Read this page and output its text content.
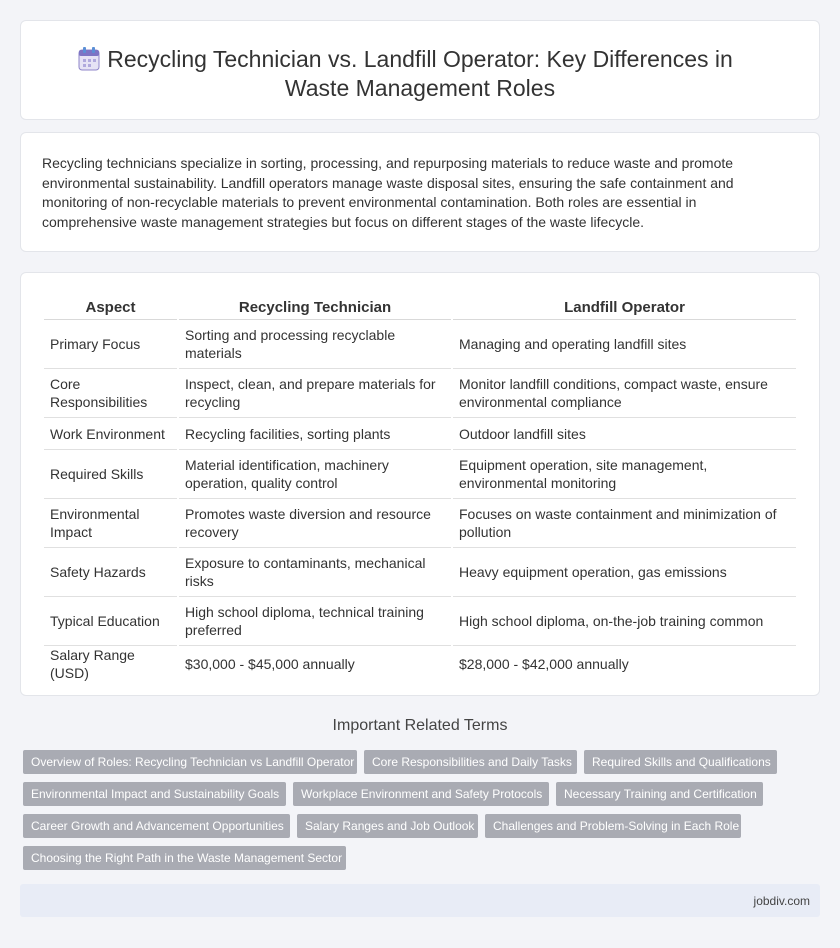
Recycling Technician vs. Landfill Operator: Key Differences in
Waste Management Roles

Recycling technicians specialize in sorting, processing, and repurposing materials to reduce waste and promote environmental sustainability. Landfill operators manage waste disposal sites, ensuring the safe containment and monitoring of non-recyclable materials to prevent environmental contamination. Both roles are essential in comprehensive waste management strategies but focus on different stages of the waste lifecycle.

Aspect	Recycling Technician	Landfill Operator
Primary Focus	Sorting and processing recyclable materials	Managing and operating landfill sites
Core Responsibilities	Inspect, clean, and prepare materials for recycling	Monitor landfill conditions, compact waste, ensure environmental compliance
Work Environment	Recycling facilities, sorting plants	Outdoor landfill sites
Required Skills	Material identification, machinery operation, quality control	Equipment operation, site management, environmental monitoring
Environmental Impact	Promotes waste diversion and resource recovery	Focuses on waste containment and minimization of pollution
Safety Hazards	Exposure to contaminants, mechanical risks	Heavy equipment operation, gas emissions
Typical Education	High school diploma, technical training preferred	High school diploma, on-the-job training common
Salary Range (USD)	$30,000 - $45,000 annually	$28,000 - $42,000 annually
Important Related Terms
Overview of Roles: Recycling Technician vs Landfill Operator	Core Responsibilities and Daily Tasks	Required Skills and Qualifications
Environmental Impact and Sustainability Goals	Workplace Environment and Safety Protocols	Necessary Training and Certification
Career Growth and Advancement Opportunities	Salary Ranges and Job Outlook	Challenges and Problem-Solving in Each Role
Choosing the Right Path in the Waste Management Sector
jobdiv.com
